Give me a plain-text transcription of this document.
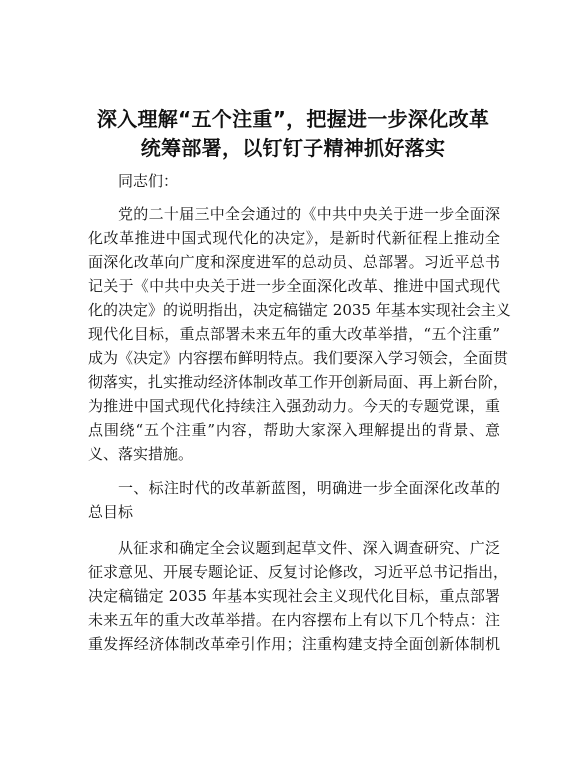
深入理解“五个注重”，把握进一步深化改革
统筹部署，以钉钉子精神抓好落实
同志们：
党的二十届三中全会通过的《中共中央关于进一步全面深
化改革推进中国式现代化的决定》，是新时代新征程上推动全
面深化改革向广度和深度进军的总动员、总部署。习近平总书
记关于《中共中央关于进一步全面深化改革、推进中国式现代
化的决定》的说明指出，决定稿锚定 2035 年基本实现社会主义
现代化目标，重点部署未来五年的重大改革举措，“五个注重”
成为《决定》内容摆布鲜明特点。我们要深入学习领会，全面贯
彻落实，扎实推动经济体制改革工作开创新局面、再上新台阶，
为推进中国式现代化持续注入强劲动力。今天的专题党课，重
点围绕“五个注重”内容，帮助大家深入理解提出的背景、意
义、落实措施。
一、标注时代的改革新蓝图，明确进一步全面深化改革的
总目标
从征求和确定全会议题到起草文件、深入调查研究、广泛
征求意见、开展专题论证、反复讨论修改，习近平总书记指出，
决定稿锚定 2035 年基本实现社会主义现代化目标，重点部署
未来五年的重大改革举措。在内容摆布上有以下几个特点：注
重发挥经济体制改革牵引作用；注重构建支持全面创新体制机
